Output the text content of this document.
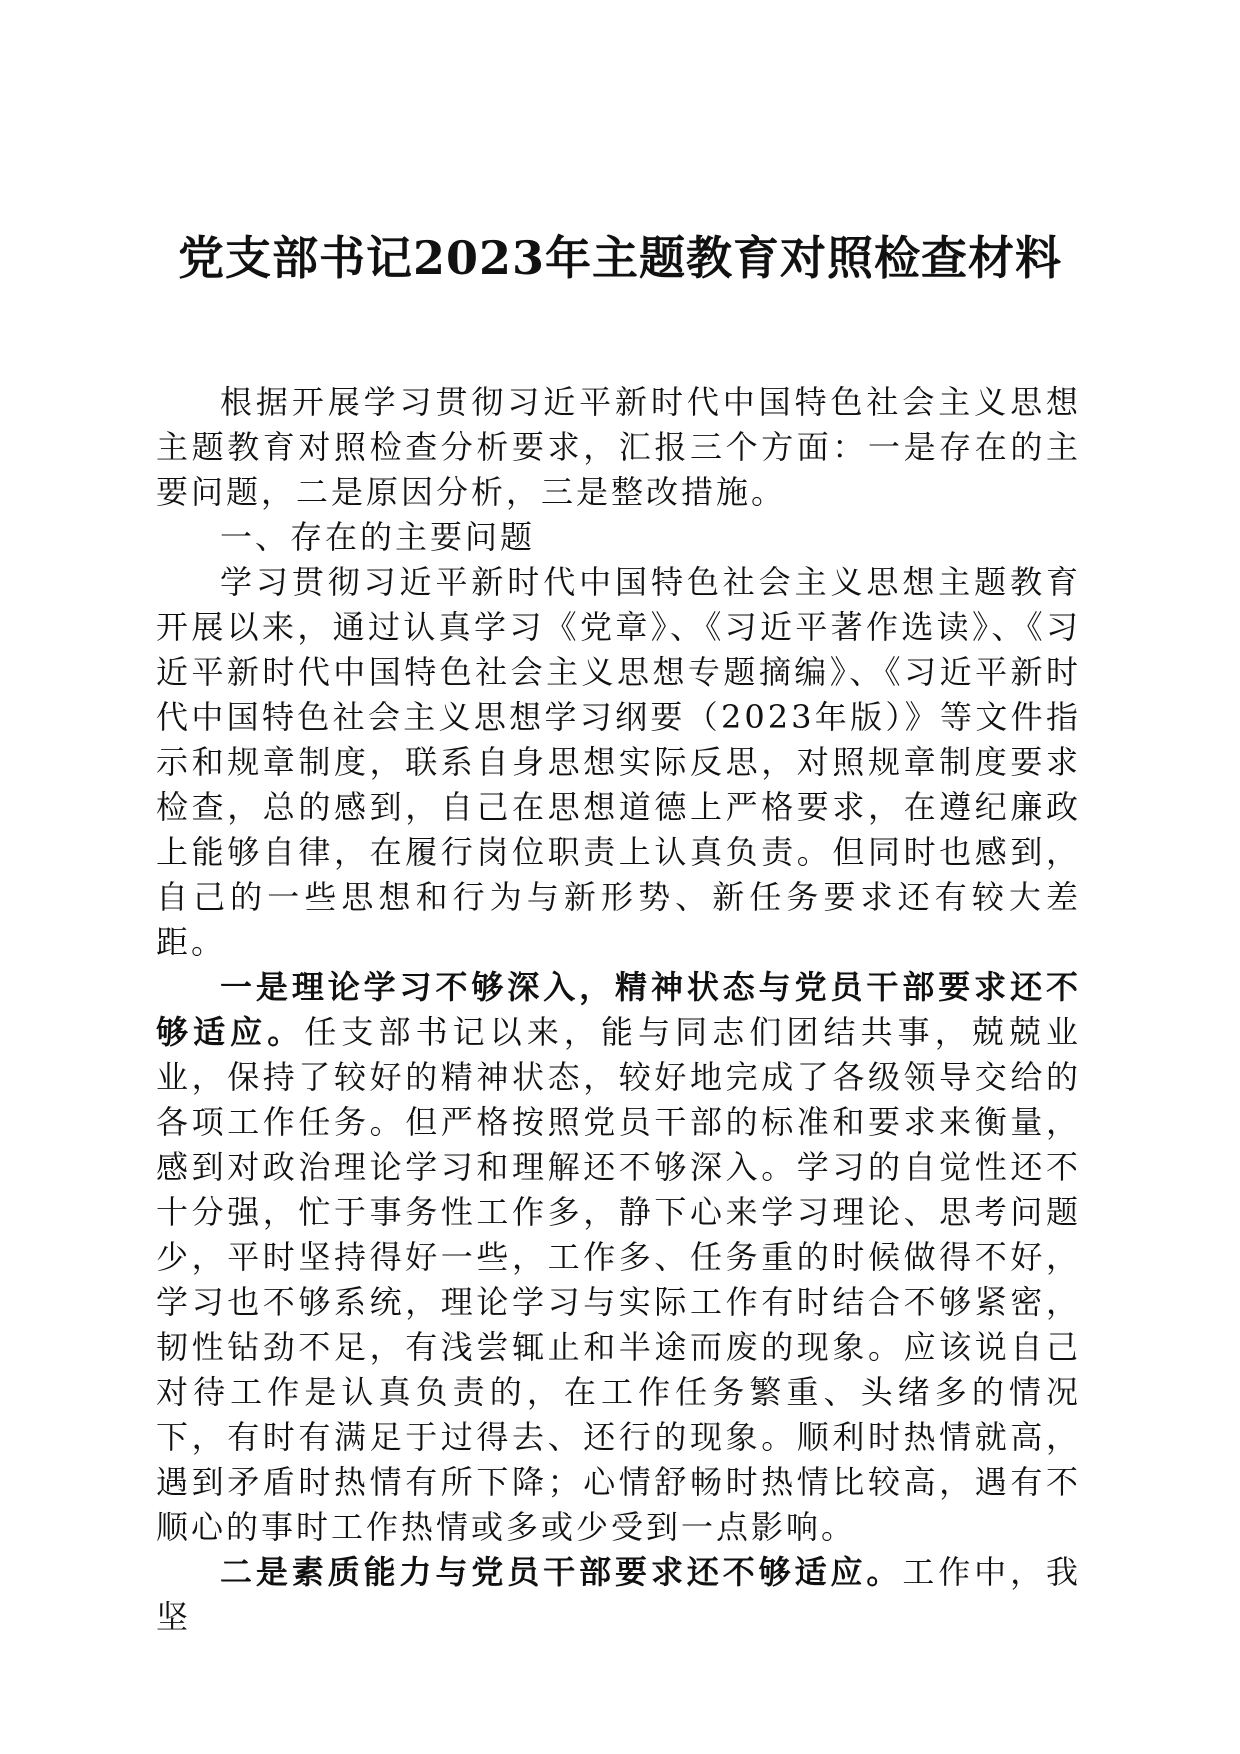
党支部书记2023年主题教育对照检查材料

根据开展学习贯彻习近平新时代中国特色社会主义思想主题教育对照检查分析要求，汇报三个方面：一是存在的主要问题，二是原因分析，三是整改措施。

一、存在的主要问题

学习贯彻习近平新时代中国特色社会主义思想主题教育开展以来，通过认真学习《党章》、《习近平著作选读》、《习近平新时代中国特色社会主义思想专题摘编》、《习近平新时代中国特色社会主义思想学习纲要（2023年版）》等文件指示和规章制度，联系自身思想实际反思，对照规章制度要求检查，总的感到，自己在思想道德上严格要求，在遵纪廉政上能够自律，在履行岗位职责上认真负责。但同时也感到，自己的一些思想和行为与新形势、新任务要求还有较大差距。

一是理论学习不够深入，精神状态与党员干部要求还不够适应。任支部书记以来，能与同志们团结共事，兢兢业业，保持了较好的精神状态，较好地完成了各级领导交给的各项工作任务。但严格按照党员干部的标准和要求来衡量，感到对政治理论学习和理解还不够深入。学习的自觉性还不十分强，忙于事务性工作多，静下心来学习理论、思考问题少，平时坚持得好一些，工作多、任务重的时候做得不好，学习也不够系统，理论学习与实际工作有时结合不够紧密，韧性钻劲不足，有浅尝辄止和半途而废的现象。应该说自己对待工作是认真负责的，在工作任务繁重、头绪多的情况下，有时有满足于过得去、还行的现象。顺利时热情就高，遇到矛盾时热情有所下降；心情舒畅时热情比较高，遇有不顺心的事时工作热情或多或少受到一点影响。

二是素质能力与党员干部要求还不够适应。工作中，我坚
